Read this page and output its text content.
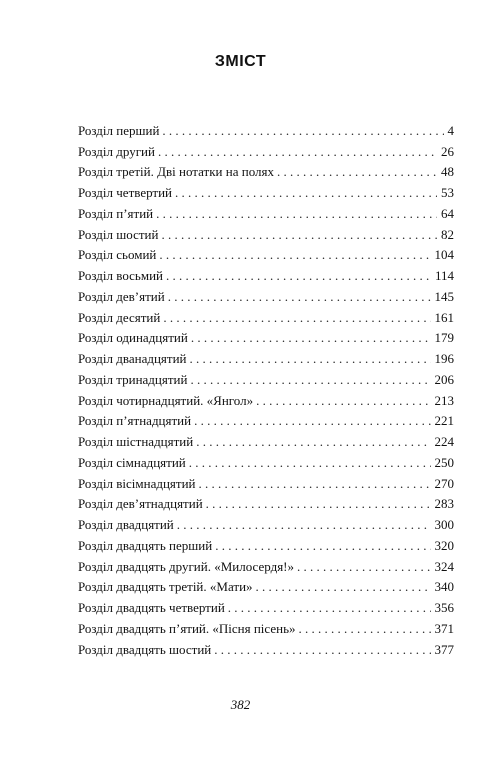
ЗМІСТ
Розділ перший . . .	4
Розділ другий . . .	26
Розділ третій. Дві нотатки на полях . . .	48
Розділ четвертий . . .	53
Розділ п’ятий . . .	64
Розділ шостий . . .	82
Розділ сьомий . . .	104
Розділ восьмий . . .	114
Розділ дев’ятий . . .	145
Розділ десятий . . .	161
Розділ одинадцятий . . .	179
Розділ дванадцятий . . .	196
Розділ тринадцятий . . .	206
Розділ чотирнадцятий. «Янгол» . . .	213
Розділ п’ятнадцятий . . .	221
Розділ шістнадцятий . . .	224
Розділ сімнадцятий . . .	250
Розділ вісімнадцятий . . .	270
Розділ дев’ятнадцятий . . .	283
Розділ двадцятий . . .	300
Розділ двадцять перший . . .	320
Розділ двадцять другий. «Милосердя!» . . .	324
Розділ двадцять третій. «Мати» . . .	340
Розділ двадцять четвертий . . .	356
Розділ двадцять п’ятий. «Пісня пісень» . . .	371
Розділ двадцять шостий . . .	377
382
